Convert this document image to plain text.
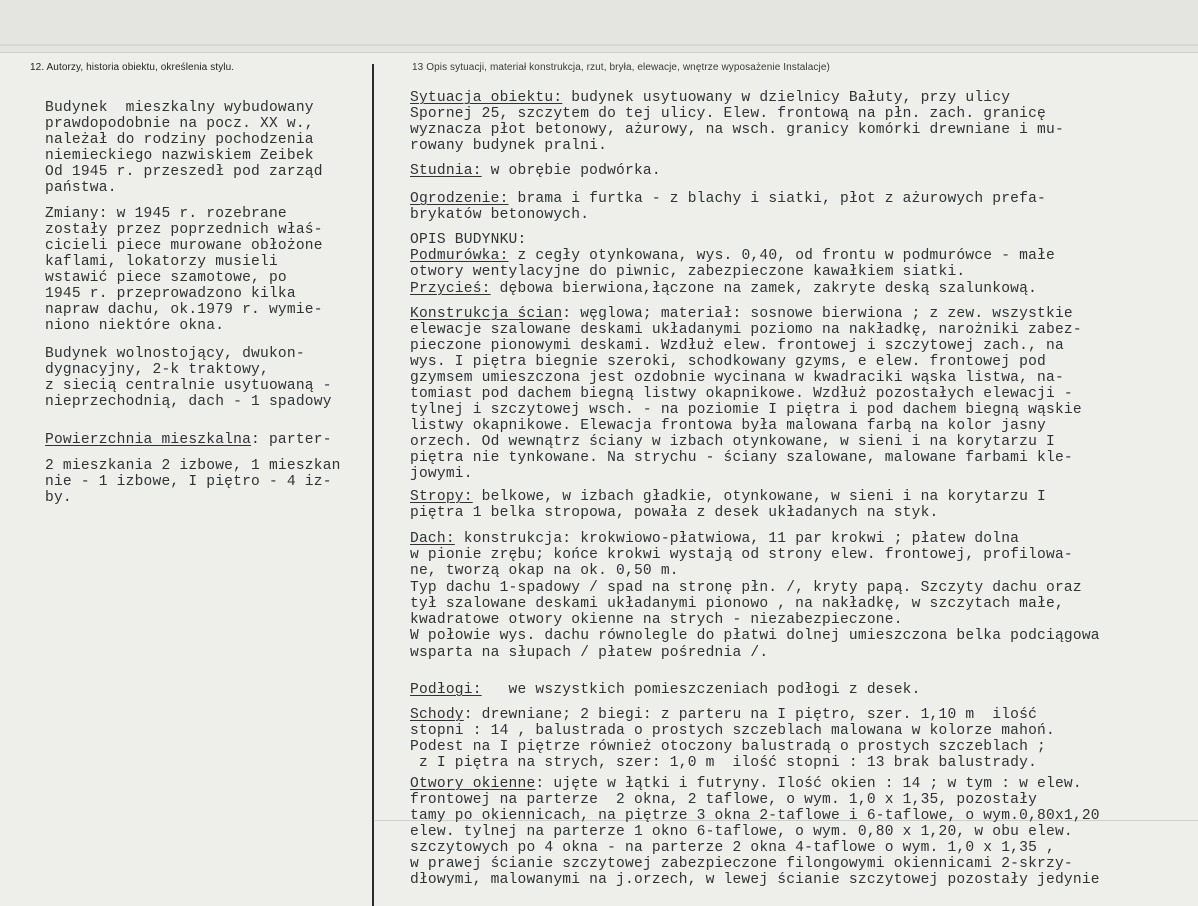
12. Autorzy, historia obiektu, określenia stylu.	13 Opis sytuacji, materiał konstrukcja, rzut, bryła, elewacje, wnętrze wyposażenie Instalacje)
Budynek  mieszkalny wybudowany
prawdopodobnie na pocz. XX w.,
należał do rodziny pochodzenia
niemieckiego nazwiskiem Zeibek
Od 1945 r. przeszedł pod zarząd
państwa.
Zmiany: w 1945 r. rozebrane
zostały przez poprzednich właś-
cicieli piece murowane obłożone
kaflami, lokatorzy musieli
wstawić piece szamotowe, po
1945 r. przeprowadzono kilka
napraw dachu, ok.1979 r. wymie-
niono niektóre okna.
Budynek wolnostojący, dwukon-
dygnacyjny, 2-k traktowy,
z siecią centralnie usytuowaną -
nieprzechodnią, dach - 1 spadowy
Powierzchnia mieszkalna: parter-
2 mieszkania 2 izbowe, 1 mieszkan
nie - 1 izbowe, I piętro - 4 iz-
by.
Sytuacja obiektu: budynek usytuowany w dzielnicy Bałuty, przy ulicy
Spornej 25, szczytem do tej ulicy. Elew. frontową na płn. zach. granicę
wyznacza płot betonowy, ażurowy, na wsch. granicy komórki drewniane i mu-
rowany budynek pralni.
Studnia: w obrębie podwórka.
Ogrodzenie: brama i furtka - z blachy i siatki, płot z ażurowych prefa-
brykatów betonowych.
OPIS BUDYNKU:
Podmurówka: z cegły otynkowana, wys. 0,40, od frontu w podmurówce - małe
otwory wentylacyjne do piwnic, zabezpieczone kawałkiem siatki.
Przycieś: dębowa bierwiona,łączone na zamek, zakryte deską szalunkową.
Konstrukcja ścian: węglowa; materiał: sosnowe bierwiona ; z zew. wszystkie
elewacje szalowane deskami układanymi poziomo na nakładkę, narożniki zabez-
pieczone pionowymi deskami. Wzdłuż elew. frontowej i szczytowej zach., na
wys. I piętra biegnie szeroki, schodkowany gzyms, e elew. frontowej pod
gzymsem umieszczona jest ozdobnie wycinana w kwadraciki wąska listwa, na-
tomiast pod dachem biegną listwy okapnikowe. Wzdłuż pozostałych elewacji -
tylnej i szczytowej wsch. - na poziomie I piętra i pod dachem biegną wąskie
listwy okapnikowe. Elewacja frontowa była malowana farbą na kolor jasny
orzech. Od wewnątrz ściany w izbach otynkowane, w sieni i na korytarzu I
piętra nie tynkowane. Na strychu - ściany szalowane, malowane farbami kle-
jowymi.
Stropy: belkowe, w izbach gładkie, otynkowane, w sieni i na korytarzu I
piętra 1 belka stropowa, powała z desek układanych na styk.
Dach: konstrukcja: krokwiowo-płatwiowa, 11 par krokwi ; płatew dolna
w pionie zrębu; końce krokwi wystają od strony elew. frontowej, profilowa-
ne, tworzą okap na ok. 0,50 m.
Typ dachu 1-spadowy / spad na stronę płn. /, kryty papą. Szczyty dachu oraz
tył szalowane deskami układanymi pionowo , na nakładkę, w szczytach małe,
kwadratowe otwory okienne na strych - niezabezpieczone.
W połowie wys. dachu równolegle do płatwi dolnej umieszczona belka podciągowa
wsparta na słupach / płatew pośrednia /.
Podłogi:   we wszystkich pomieszczeniach podłogi z desek.
Schody: drewniane; 2 biegi: z parteru na I piętro, szer. 1,10 m  ilość
stopni : 14 , balustrada o prostych szczeblach malowana w kolorze mahoń.
Podest na I piętrze również otoczony balustradą o prostych szczeblach ;
z I piętra na strych, szer: 1,0 m  ilość stopni : 13 brak balustrady.
Otwory okienne: ujęte w łątki i futryny. Ilość okien : 14 ; w tym : w elew.
frontowej na parterze  2 okna, 2 taflowe, o wym. 1,0 x 1,35, pozostały
tamy po okiennicach, na piętrze 3 okna 2-taflowe i 6-taflowe, o wym.0,80x1,20
elew. tylnej na parterze 1 okno 6-taflowe, o wym. 0,80 x 1,20, w obu elew.
szczytowych po 4 okna - na parterze 2 okna 4-taflowe o wym. 1,0 x 1,35 ,
w prawej ścianie szczytowej zabezpieczone filongowymi okiennicami 2-skrzy-
dłowymi, malowanymi na j.orzech, w lewej ścianie szczytowej pozostały jedynie
